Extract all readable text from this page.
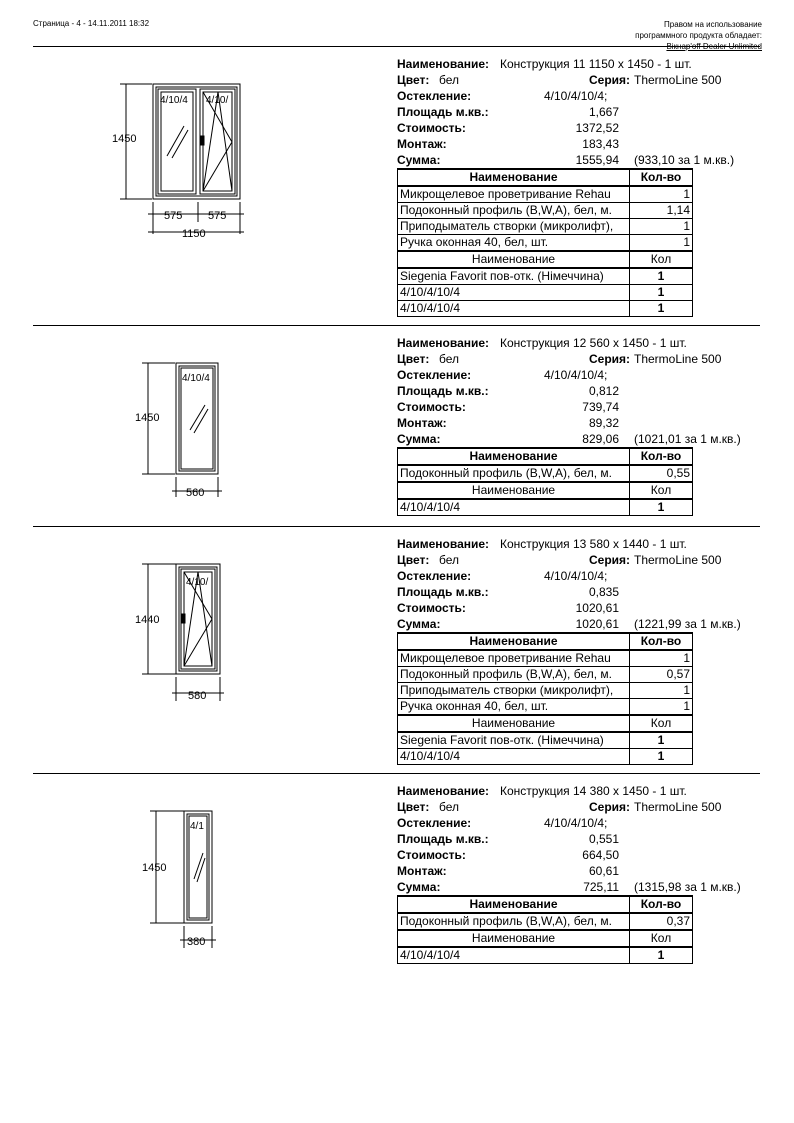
Страница - 4 - 14.11.2011 18:32	Правом на использование
программного продукта обладает:
Вікнар'off Dealer Unlimited
1450
4/10/4 4/10/
575 575
1150
Наименование: Конструкция 11 1150 x 1450 - 1 шт.
Цвет: бел	Серия: ThermoLine 500
Остекление:	4/10/4/10/4;
Площадь м.кв.:	1,667
Стоимость:	1372,52
Монтаж:	183,43
Сумма:	1555,94 (933,10 за 1 м.кв.)
Наименование	Кол-во
Микрощелевое проветривание Rehau	1
Подоконный профиль (B,W,A), бел, м.	1,14
Приподыматель створки (микролифт),	1
Ручка оконная 40, бел, шт.	1
Наименование	Кол
Siegenia Favorit пов-отк. (Німеччина)	1
4/10/4/10/4	1
4/10/4/10/4	1
1450
4/10/4
560
Наименование: Конструкция 12 560 x 1450 - 1 шт.
Цвет: бел	Серия: ThermoLine 500
Остекление:	4/10/4/10/4;
Площадь м.кв.:	0,812
Стоимость:	739,74
Монтаж:	89,32
Сумма:	829,06 (1021,01 за 1 м.кв.)
Наименование	Кол-во
Подоконный профиль (B,W,A), бел, м.	0,55
Наименование	Кол
4/10/4/10/4	1
1440
4/10/
580
Наименование: Конструкция 13 580 x 1440 - 1 шт.
Цвет: бел	Серия: ThermoLine 500
Остекление:	4/10/4/10/4;
Площадь м.кв.:	0,835
Стоимость:	1020,61
Сумма:	1020,61 (1221,99 за 1 м.кв.)
Наименование	Кол-во
Микрощелевое проветривание Rehau	1
Подоконный профиль (B,W,A), бел, м.	0,57
Приподыматель створки (микролифт),	1
Ручка оконная 40, бел, шт.	1
Наименование	Кол
Siegenia Favorit пов-отк. (Німеччина)	1
4/10/4/10/4	1
1450
4/1
380
Наименование: Конструкция 14 380 x 1450 - 1 шт.
Цвет: бел	Серия: ThermoLine 500
Остекление:	4/10/4/10/4;
Площадь м.кв.:	0,551
Стоимость:	664,50
Монтаж:	60,61
Сумма:	725,11 (1315,98 за 1 м.кв.)
Наименование	Кол-во
Подоконный профиль (B,W,A), бел, м.	0,37
Наименование	Кол
4/10/4/10/4	1
